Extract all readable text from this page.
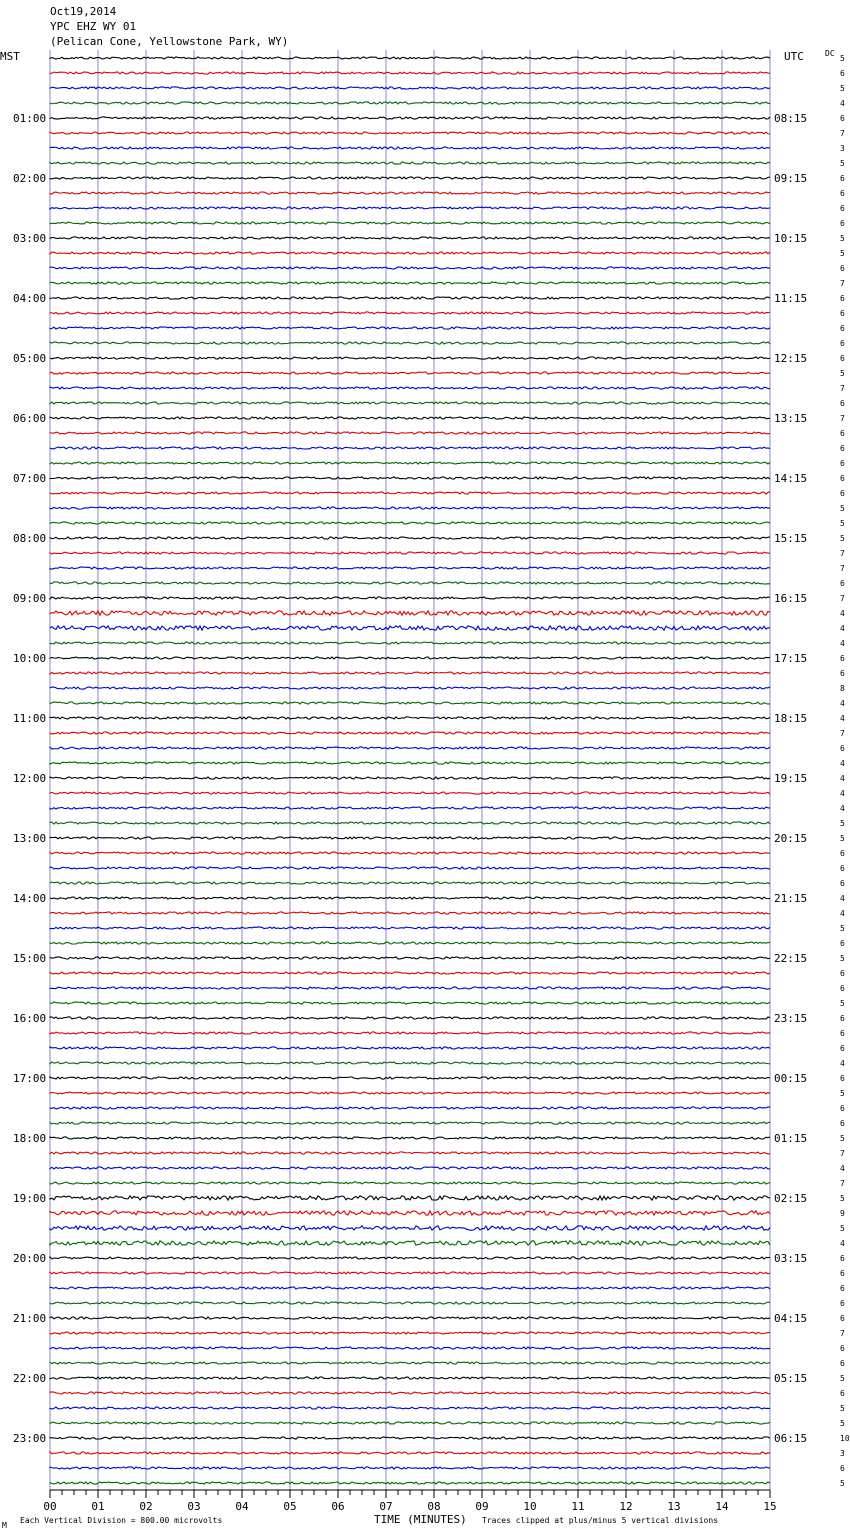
Oct19,2014
YPC EHZ WY 01
(Pelican Cone, Yellowstone Park, WY)
01:00
02:00
03:00
04:00
05:00
06:00
07:00
08:00
09:00
10:00
11:00
12:00
13:00
14:00
15:00
16:00
17:00
18:00
19:00
20:00
21:00
22:00
23:00
08:15
09:15
10:15
11:15
12:15
13:15
14:15
15:15
16:15
17:15
18:15
19:15
20:15
21:15
22:15
23:15
00:15
01:15
02:15
03:15
04:15
05:15
06:15
5
6
5
4
6
7
3
5
6
6
6
6
5
5
6
7
6
6
6
6
6
5
7
6
7
6
6
6
6
6
5
5
5
7
7
6
7
4
4
4
6
6
8
4
4
7
6
4
4
4
4
5
5
6
6
6
4
4
5
6
5
6
6
5
6
6
6
4
6
5
6
6
5
7
4
7
5
9
5
4
6
6
6
6
6
7
6
6
5
6
5
5
10
3
6
5
00	01	02	03	04	05	06	07	08	09	10	11	12	13	14	15
MST	UTC	DC
M
Each Vertical Division = 800.00 microvolts	TIME (MINUTES) Traces clipped at plus/minus 5 vertical divisions
